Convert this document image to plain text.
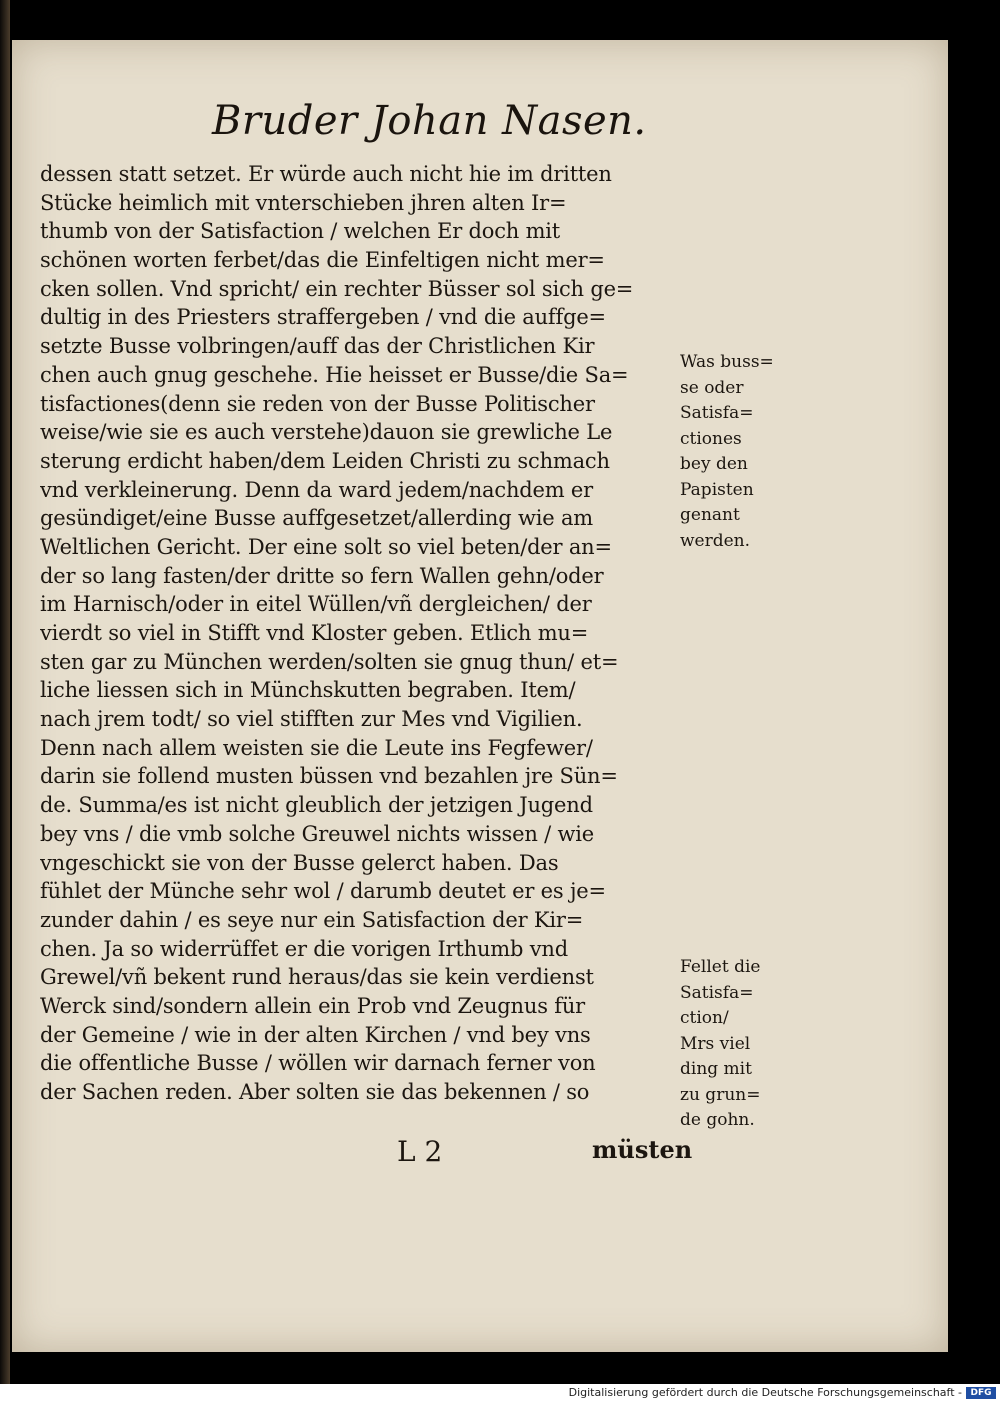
Bruder Johan Nasen.
dessen statt setzet. Er würde auch nicht hie im dritten
Stücke heimlich mit vnterschieben jhren alten Ir=
thumb von der Satisfaction / welchen Er doch mit
schönen worten ferbet/das die Einfeltigen nicht mer=
cken sollen. Vnd spricht/ ein rechter Büsser sol sich ge=
dultig in des Priesters straffergeben / vnd die auffge=
setzte Busse volbringen/auff das der Christlichen Kir
chen auch gnug geschehe. Hie heisset er Busse/die Sa=
tisfactiones(denn sie reden von der Busse Politischer
weise/wie sie es auch verstehe)dauon sie grewliche Le
sterung erdicht haben/dem Leiden Christi zu schmach
vnd verkleinerung. Denn da ward jedem/nachdem er
gesündiget/eine Busse auffgesetzet/allerding wie am
Weltlichen Gericht. Der eine solt so viel beten/der an=
der so lang fasten/der dritte so fern Wallen gehn/oder
im Harnisch/oder in eitel Wüllen/vñ dergleichen/ der
vierdt so viel in Stifft vnd Kloster geben. Etlich mu=
sten gar zu München werden/solten sie gnug thun/ et=
liche liessen sich in Münchskutten begraben. Item/
nach jrem todt/ so viel stifften zur Mes vnd Vigilien.
Denn nach allem weisten sie die Leute ins Fegfewer/
darin sie follend musten büssen vnd bezahlen jre Sün=
de. Summa/es ist nicht gleublich der jetzigen Jugend
bey vns / die vmb solche Greuwel nichts wissen / wie
vngeschickt sie von der Busse gelerct haben. Das
fühlet der Münche sehr wol / darumb deutet er es je=
zunder dahin / es seye nur ein Satisfaction der Kir=
chen. Ja so widerrüffet er die vorigen Irthumb vnd
Grewel/vñ bekent rund heraus/das sie kein verdienst
Werck sind/sondern allein ein Prob vnd Zeugnus für
der Gemeine / wie in der alten Kirchen / vnd bey vns
die offentliche Busse / wöllen wir darnach ferner von
der Sachen reden. Aber solten sie das bekennen / so
Was buss=
se oder
Satisfa=
ctiones
bey den
Papisten
genant
werden.
Fellet die
Satisfa=
ction/
Mrs viel
ding mit
zu grun=
de gohn.
L 2	müsten
Digitalisierung gefördert durch die Deutsche Forschungsgemeinschaft - DFG
